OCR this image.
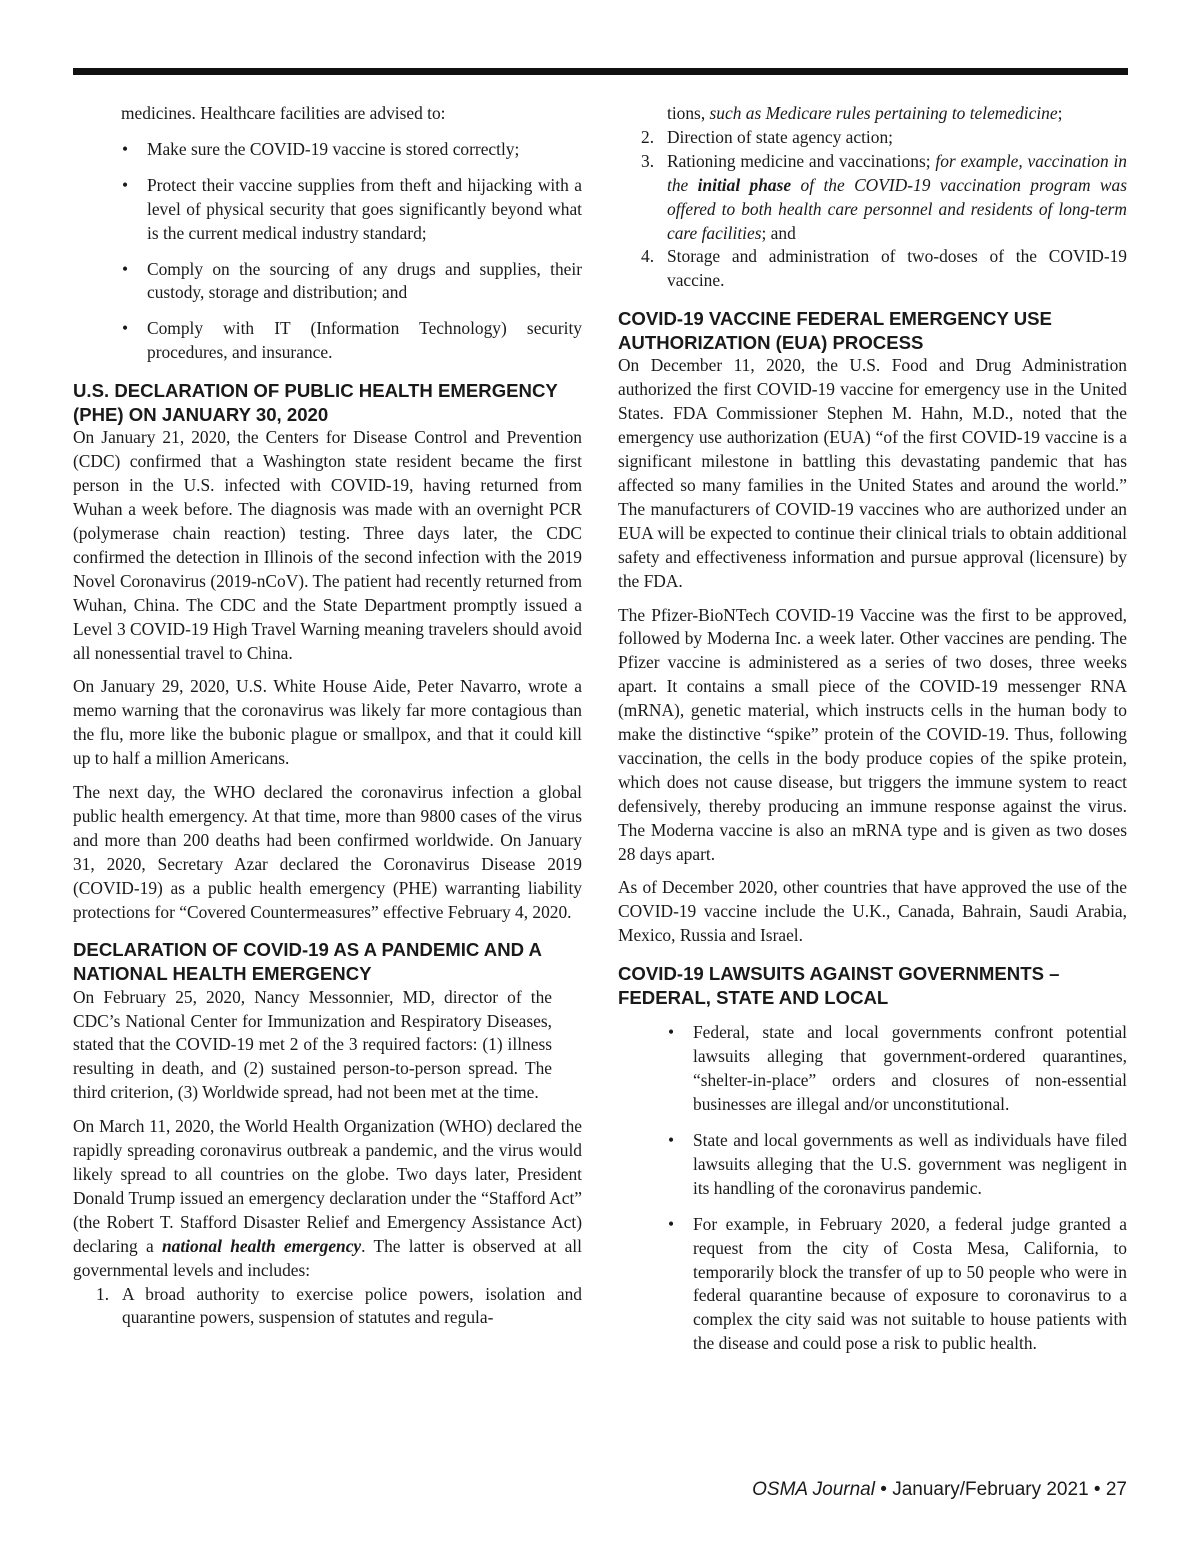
medicines. Healthcare facilities are advised to:

• Make sure the COVID-19 vaccine is stored correctly;
• Protect their vaccine supplies from theft and hijacking with a level of physical security that goes significantly beyond what is the current medical industry standard;
• Comply on the sourcing of any drugs and supplies, their custody, storage and distribution; and
• Comply with IT (Information Technology) security procedures, and insurance.
U.S. DECLARATION OF PUBLIC HEALTH EMERGENCY (PHE) ON JANUARY 30, 2020

On January 21, 2020, the Centers for Disease Control and Prevention (CDC) confirmed that a Washington state resident became the first person in the U.S. infected with COVID-19, having returned from Wuhan a week before. The diagnosis was made with an overnight PCR (polymerase chain reaction) testing. Three days later, the CDC confirmed the detection in Illinois of the second infection with the 2019 Novel Coronavirus (2019-nCoV). The patient had recently returned from Wuhan, China. The CDC and the State Department promptly issued a Level 3 COVID-19 High Travel Warning meaning travelers should avoid all nonessential travel to China.

On January 29, 2020, U.S. White House Aide, Peter Navarro, wrote a memo warning that the coronavirus was likely far more contagious than the flu, more like the bubonic plague or smallpox, and that it could kill up to half a million Americans.

The next day, the WHO declared the coronavirus infection a global public health emergency. At that time, more than 9800 cases of the virus and more than 200 deaths had been confirmed worldwide. On January 31, 2020, Secretary Azar declared the Coronavirus Disease 2019 (COVID-19) as a public health emergency (PHE) warranting liability protections for “Covered Countermeasures” effective February 4, 2020.

DECLARATION OF COVID-19 AS A PANDEMIC AND A NATIONAL HEALTH EMERGENCY

On February 25, 2020, Nancy Messonnier, MD, director of the CDC’s National Center for Immunization and Respiratory Diseases, stated that the COVID-19 met 2 of the 3 required factors: (1) illness resulting in death, and (2) sustained person-to-person spread. The third criterion, (3) Worldwide spread, had not been met at the time.

On March 11, 2020, the World Health Organization (WHO) declared the rapidly spreading coronavirus outbreak a pandemic, and the virus would likely spread to all countries on the globe. Two days later, President Donald Trump issued an emergency declaration under the “Stafford Act” (the Robert T. Stafford Disaster Relief and Emergency Assistance Act) declaring a national health emergency. The latter is observed at all governmental levels and includes:

1. A broad authority to exercise police powers, isolation and quarantine powers, suspension of statutes and regula-
tions, such as Medicare rules pertaining to telemedicine;
2. Direction of state agency action;
3. Rationing medicine and vaccinations; for example, vaccination in the initial phase of the COVID-19 vaccination program was offered to both health care personnel and residents of long-term care facilities; and
4. Storage and administration of two-doses of the COVID-19 vaccine.
COVID-19 VACCINE FEDERAL EMERGENCY USE AUTHORIZATION (EUA) PROCESS

On December 11, 2020, the U.S. Food and Drug Administration authorized the first COVID-19 vaccine for emergency use in the United States. FDA Commissioner Stephen M. Hahn, M.D., noted that the emergency use authorization (EUA) “of the first COVID-19 vaccine is a significant milestone in battling this devastating pandemic that has affected so many families in the United States and around the world.” The manufacturers of COVID-19 vaccines who are authorized under an EUA will be expected to continue their clinical trials to obtain additional safety and effectiveness information and pursue approval (licensure) by the FDA.

The Pfizer-BioNTech COVID-19 Vaccine was the first to be approved, followed by Moderna Inc. a week later. Other vaccines are pending. The Pfizer vaccine is administered as a series of two doses, three weeks apart. It contains a small piece of the COVID-19 messenger RNA (mRNA), genetic material, which instructs cells in the human body to make the distinctive “spike” protein of the COVID-19. Thus, following vaccination, the cells in the body produce copies of the spike protein, which does not cause disease, but triggers the immune system to react defensively, thereby producing an immune response against the virus. The Moderna vaccine is also an mRNA type and is given as two doses 28 days apart.

As of December 2020, other countries that have approved the use of the COVID-19 vaccine include the U.K., Canada, Bahrain, Saudi Arabia, Mexico, Russia and Israel.

COVID-19 LAWSUITS AGAINST GOVERNMENTS – FEDERAL, STATE AND LOCAL
• Federal, state and local governments confront potential lawsuits alleging that government-ordered quarantines, “shelter-in-place” orders and closures of non-essential businesses are illegal and/or unconstitutional.
• State and local governments as well as individuals have filed lawsuits alleging that the U.S. government was negligent in its handling of the coronavirus pandemic.
• For example, in February 2020, a federal judge granted a request from the city of Costa Mesa, California, to temporarily block the transfer of up to 50 people who were in federal quarantine because of exposure to coronavirus to a complex the city said was not suitable to house patients with the disease and could pose a risk to public health.
OSMA Journal • January/February 2021 • 27
